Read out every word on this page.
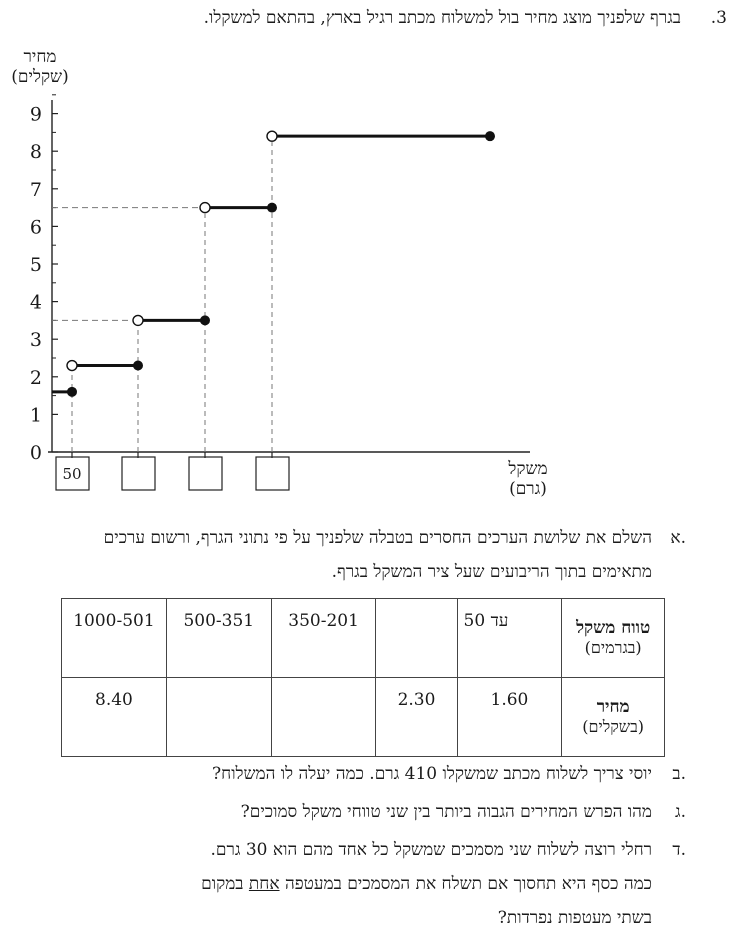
.3
בגרף שלפניך מוצג מחיר בול למשלוח מכתב רגיל בארץ, בהתאם למשקלו.
0
1
2
3
4
5
6
7
8
9
מחיר
(שקלים)
משקל
(גרם)
50
א.
השלם את שלושת הערכים החסרים בטבלה שלפניך על פי נתוני הגרף, ורשום ערכים
מתאימים בתוך הריבועים שעל ציר המשקל בגרף.
טווח משקל
(בגרמים)	עד 50		350-201	500-351	1000-501

מחיר
(בשקלים)	1.60	2.30			8.40
ב.
יוסי צריך לשלוח מכתב שמשקלו 410 גרם. כמה יעלה לו המשלוח?
ג.
מהו הפרש המחירים הגבוה ביותר בין שני טווחי משקל סמוכים?
ד.
רחלי רוצה לשלוח שני מסמכים שמשקל כל אחד מהם הוא 30 גרם.
כמה כסף היא תחסוך אם תשלח את המסמכים במעטפה אחת במקום
בשתי מעטפות נפרדות?
